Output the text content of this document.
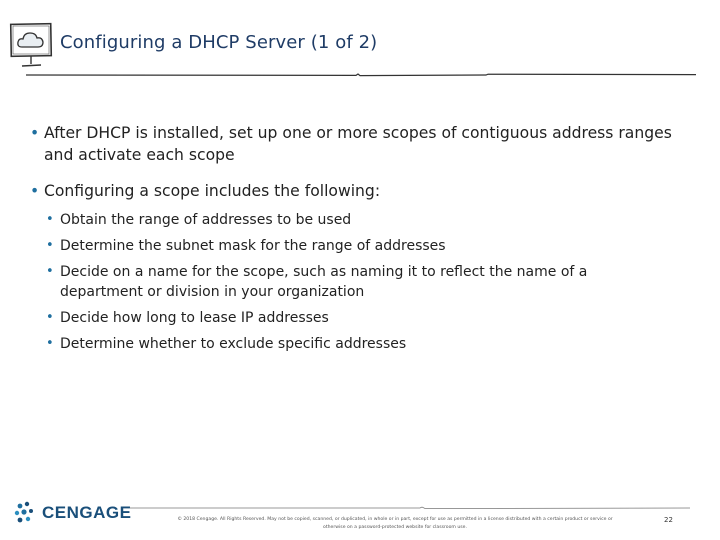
Configuring a DHCP Server (1 of 2)
• After DHCP is installed, set up one or more scopes of contiguous address ranges and activate each scope
• Configuring a scope includes the following:
• Obtain the range of addresses to be used
• Determine the subnet mask for the range of addresses
• Decide on a name for the scope, such as naming it to reflect the name of a department or division in your organization
• Decide how long to lease IP addresses
• Determine whether to exclude specific addresses
CENGAGE	© 2018 Cengage. All Rights Reserved. May not be copied, scanned, or duplicated, in whole or in part, except for use as permitted in a license distributed with a certain product or service or
otherwise on a password-protected website for classroom use.
22
